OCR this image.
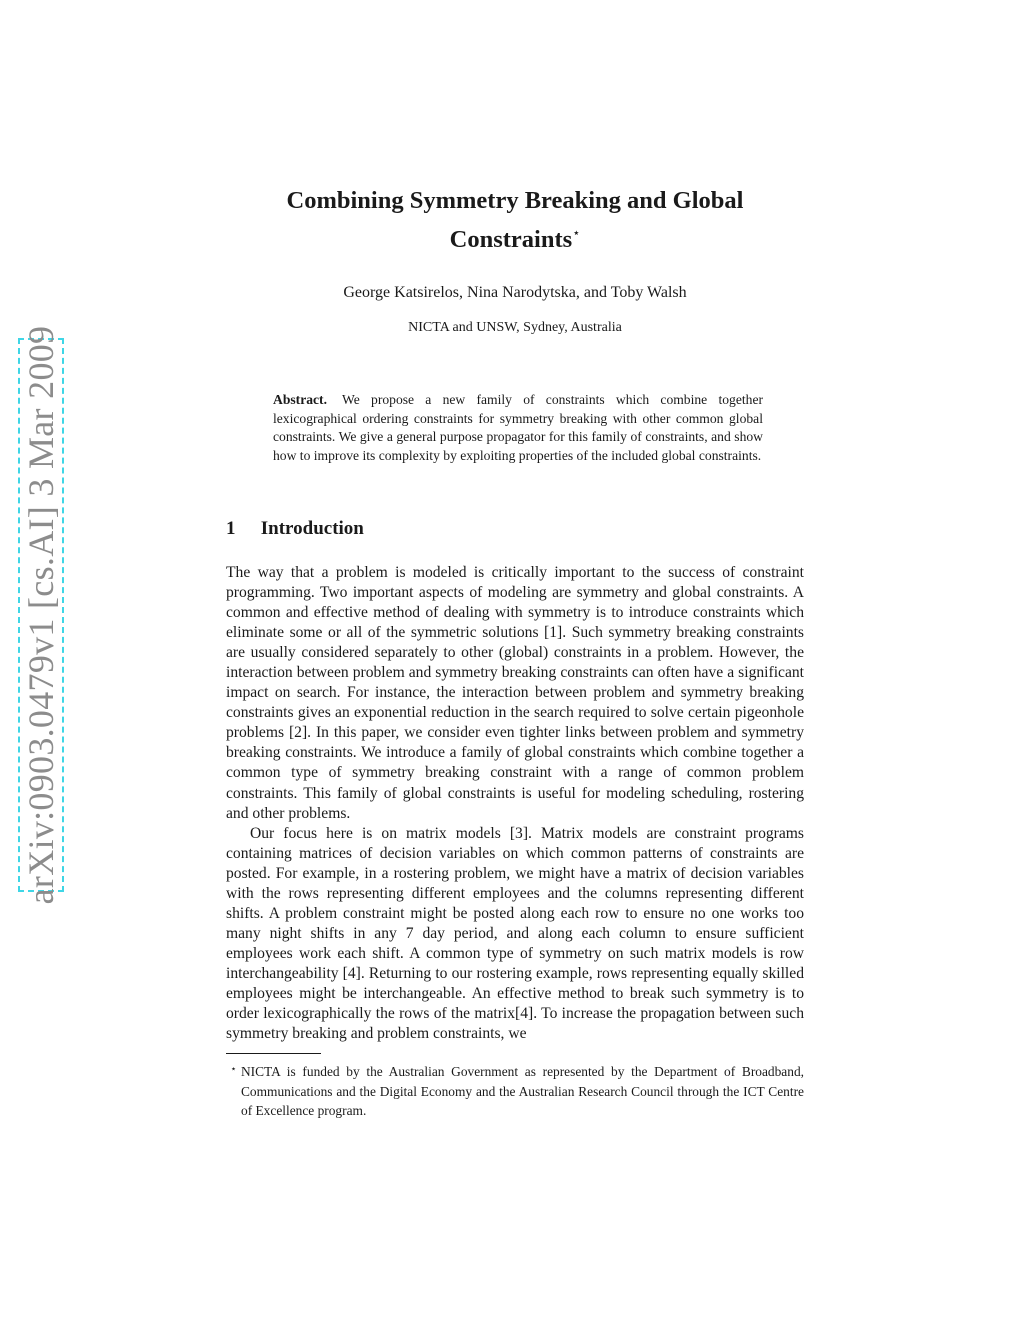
arXiv:0903.0479v1 [cs.AI] 3 Mar 2009
Combining Symmetry Breaking and Global
Constraints⋆
George Katsirelos, Nina Narodytska, and Toby Walsh
NICTA and UNSW, Sydney, Australia
Abstract. We propose a new family of constraints which combine together lexicographical ordering constraints for symmetry breaking with other common global constraints. We give a general purpose propagator for this family of constraints, and show how to improve its complexity by exploiting properties of the included global constraints.
1 Introduction

The way that a problem is modeled is critically important to the success of constraint programming. Two important aspects of modeling are symmetry and global constraints. A common and effective method of dealing with symmetry is to introduce constraints which eliminate some or all of the symmetric solutions [1]. Such symmetry breaking constraints are usually considered separately to other (global) constraints in a problem. However, the interaction between problem and symmetry breaking constraints can often have a significant impact on search. For instance, the interaction between problem and symmetry breaking constraints gives an exponential reduction in the search required to solve certain pigeonhole problems [2]. In this paper, we consider even tighter links between problem and symmetry breaking constraints. We introduce a family of global constraints which combine together a common type of symmetry breaking constraint with a range of common problem constraints. This family of global constraints is useful for modeling scheduling, rostering and other problems.

Our focus here is on matrix models [3]. Matrix models are constraint programs containing matrices of decision variables on which common patterns of constraints are posted. For example, in a rostering problem, we might have a matrix of decision variables with the rows representing different employees and the columns representing different shifts. A problem constraint might be posted along each row to ensure no one works too many night shifts in any 7 day period, and along each column to ensure sufficient employees work each shift. A common type of symmetry on such matrix models is row interchangeability [4]. Returning to our rostering example, rows representing equally skilled employees might be interchangeable. An effective method to break such symmetry is to order lexicographically the rows of the matrix[4]. To increase the propagation between such symmetry breaking and problem constraints, we

⋆ NICTA is funded by the Australian Government as represented by the Department of Broadband, Communications and the Digital Economy and the Australian Research Council through the ICT Centre of Excellence program.
